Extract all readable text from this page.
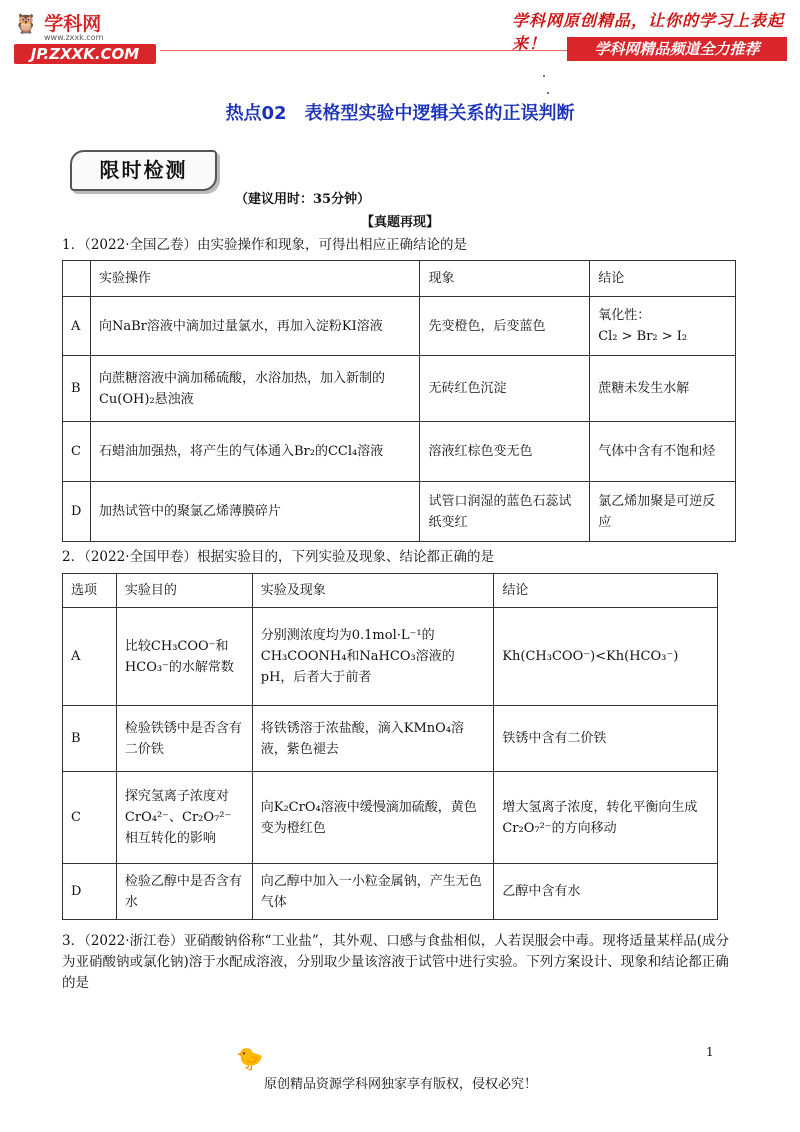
🦉 学科网
www.zxxk.com
JP.ZXXK.COM
学科网原创精品，让你的学习上表起来！	学科网精品频道全力推荐
热点02　表格型实验中逻辑关系的正误判断
限时检测
（建议用时：35分钟）
【真题再现】
1．（2022·全国乙卷）由实验操作和现象，可得出相应正确结论的是
	实验操作	现象	结论
A	向NaBr溶液中滴加过量氯水，再加入淀粉KI溶液	先变橙色，后变蓝色	氧化性：
Cl₂ > Br₂ > I₂

B	向蔗糖溶液中滴加稀硫酸，水浴加热，加入新制的Cu(OH)₂悬浊液	无砖红色沉淀	蔗糖未发生水解
C	石蜡油加强热，将产生的气体通入Br₂的CCl₄溶液	溶液红棕色变无色	气体中含有不饱和烃
D	加热试管中的聚氯乙烯薄膜碎片	试管口润湿的蓝色石蕊试纸变红	氯乙烯加聚是可逆反应
2．（2022·全国甲卷）根据实验目的，下列实验及现象、结论都正确的是
选项	实验目的	实验及现象	结论
A	比较CH₃COO⁻和HCO₃⁻的水解常数	分别测浓度均为0.1mol·L⁻¹的CH₃COONH₄和NaHCO₃溶液的pH，后者大于前者	Kh(CH₃COO⁻)<Kh(HCO₃⁻)
B	检验铁锈中是否含有二价铁	将铁锈溶于浓盐酸，滴入KMnO₄溶液，紫色褪去	铁锈中含有二价铁
C	探究氢离子浓度对CrO₄²⁻、Cr₂O₇²⁻相互转化的影响	向K₂CrO₄溶液中缓慢滴加硫酸，黄色变为橙红色	增大氢离子浓度，转化平衡向生成Cr₂O₇²⁻的方向移动
D	检验乙醇中是否含有水	向乙醇中加入一小粒金属钠，产生无色气体	乙醇中含有水
3．（2022·浙江卷）亚硝酸钠俗称“工业盐”，其外观、口感与食盐相似，人若误服会中毒。现将适量某样品(成分为亚硝酸钠或氯化钠)溶于水配成溶液，分别取少量该溶液于试管中进行实验。下列方案设计、现象和结论都正确的是
1
🐤
原创精品资源学科网独家享有版权，侵权必究！
